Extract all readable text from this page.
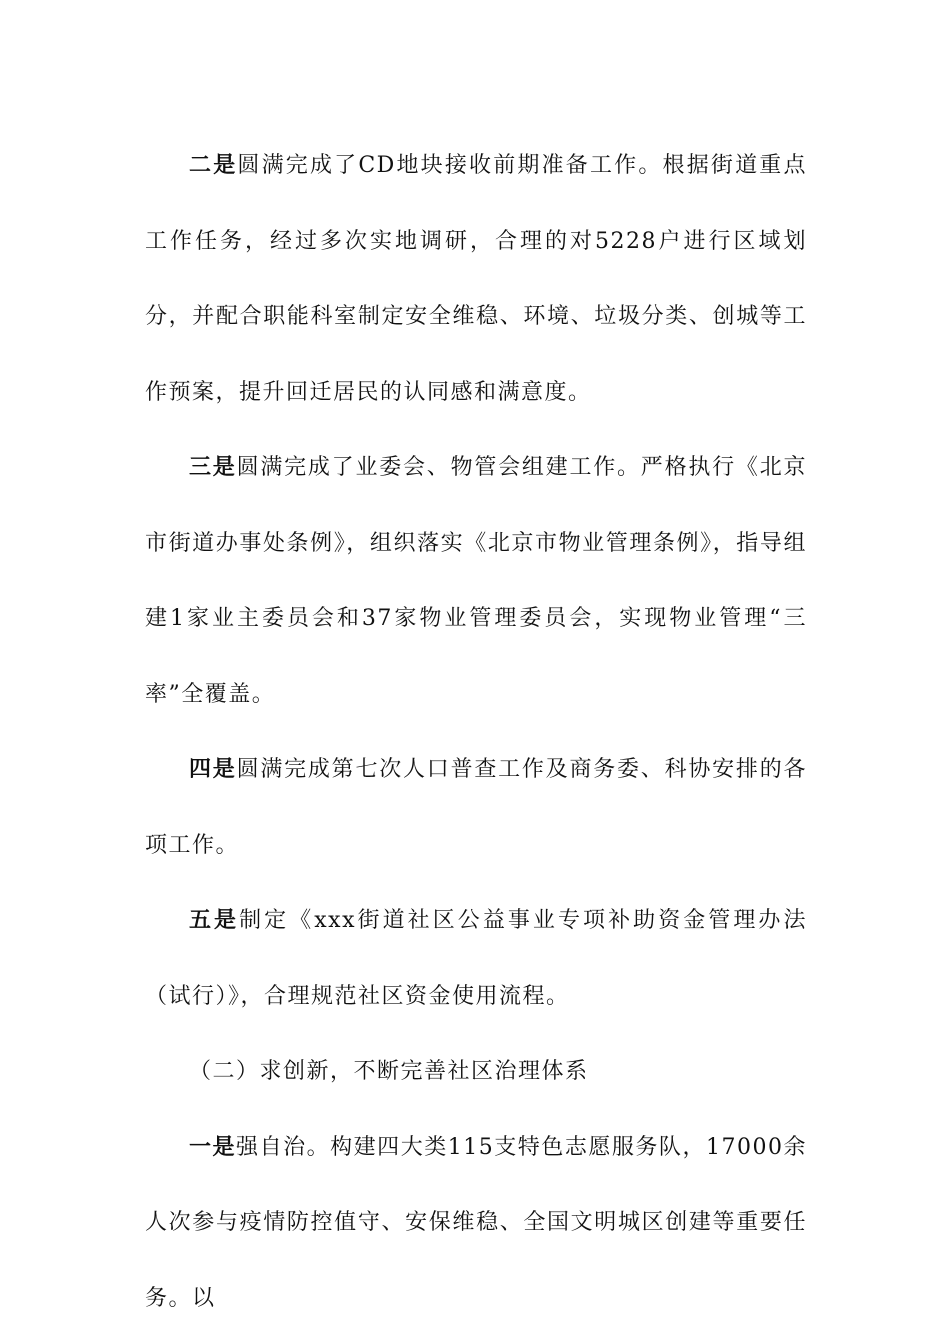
二是圆满完成了CD地块接收前期准备工作。根据街道重点工作任务，经过多次实地调研，合理的对5228户进行区域划分，并配合职能科室制定安全维稳、环境、垃圾分类、创城等工作预案，提升回迁居民的认同感和满意度。

三是圆满完成了业委会、物管会组建工作。严格执行《北京市街道办事处条例》，组织落实《北京市物业管理条例》，指导组建1家业主委员会和37家物业管理委员会，实现物业管理“三率”全覆盖。

四是圆满完成第七次人口普查工作及商务委、科协安排的各项工作。

五是制定《xxx街道社区公益事业专项补助资金管理办法（试行）》，合理规范社区资金使用流程。

（二）求创新，不断完善社区治理体系

一是强自治。构建四大类115支特色志愿服务队，17000余人次参与疫情防控值守、安保维稳、全国文明城区创建等重要任务。以
